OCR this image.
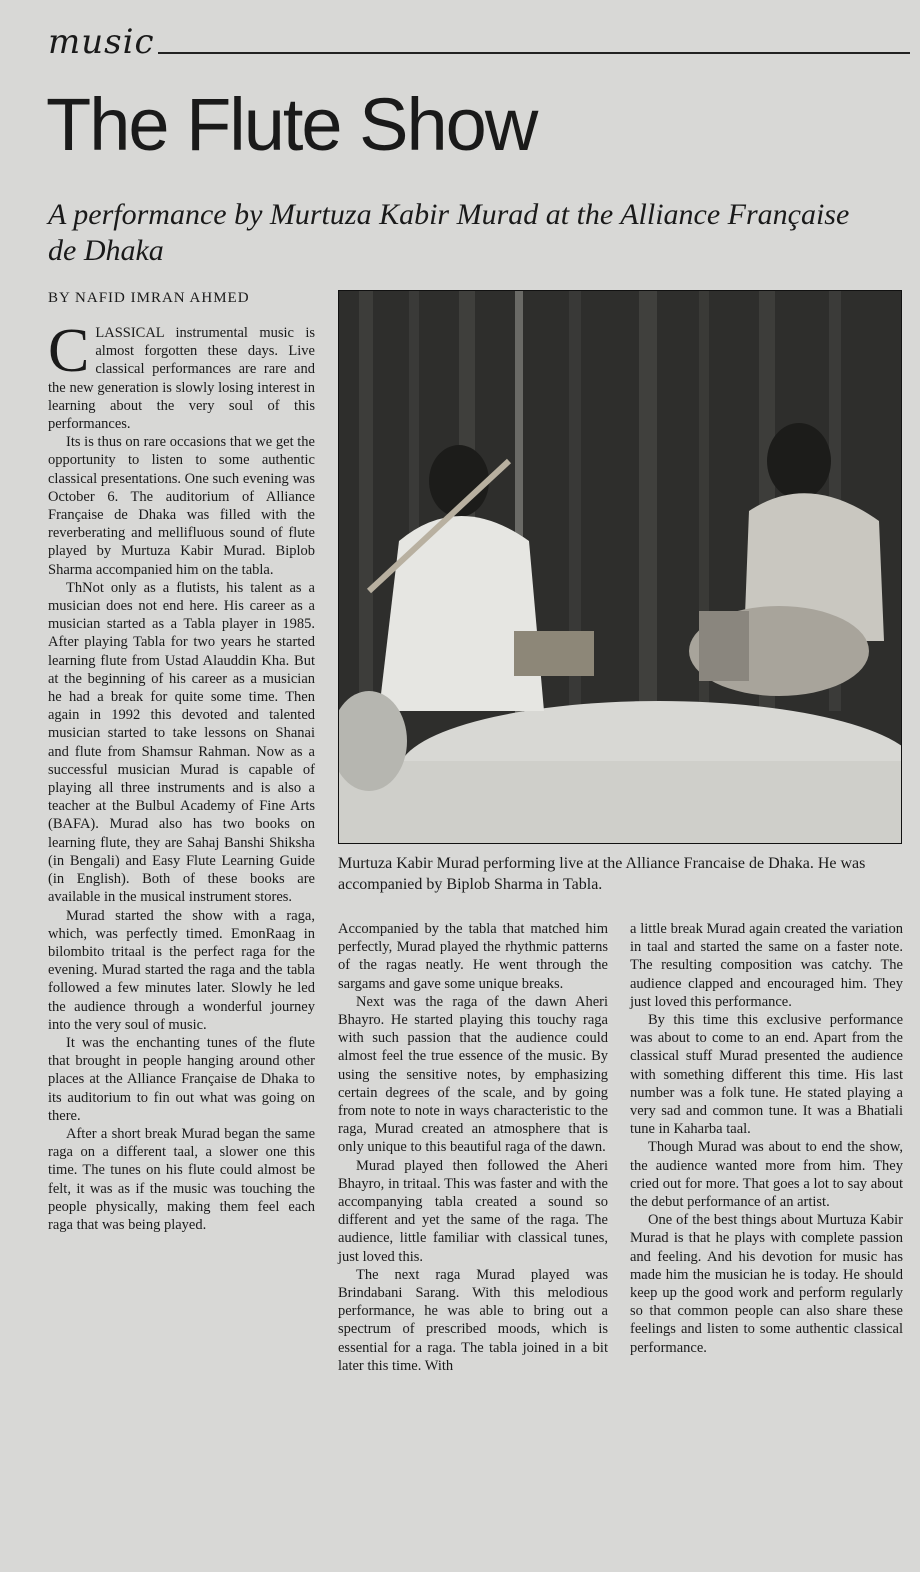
music
The Flute Show
A performance by Murtuza Kabir Murad at the Alliance Française de Dhaka
BY NAFID IMRAN AHMED

CLASSICAL instrumental music is almost forgotten these days. Live classical performances are rare and the new generation is slowly losing interest in learning about the very soul of this performances.

Its is thus on rare occasions that we get the opportunity to listen to some authentic classical presentations. One such evening was October 6. The auditorium of Alliance Française de Dhaka was filled with the reverberating and mellifluous sound of flute played by Murtuza Kabir Murad. Biplob Sharma accompanied him on the tabla.

ThNot only as a flutists, his talent as a musician does not end here. His career as a musician started as a Tabla player in 1985. After playing Tabla for two years he started learning flute from Ustad Alauddin Kha. But at the beginning of his career as a musician he had a break for quite some time. Then again in 1992 this devoted and talented musician started to take lessons on Shanai and flute from Shamsur Rahman. Now as a successful musician Murad is capable of playing all three instruments and is also a teacher at the Bulbul Academy of Fine Arts (BAFA). Murad also has two books on learning flute, they are Sahaj Banshi Shiksha (in Bengali) and Easy Flute Learning Guide (in English). Both of these books are available in the musical instrument stores.

Murad started the show with a raga, which, was perfectly timed. EmonRaag in bilombito tritaal is the perfect raga for the evening. Murad started the raga and the tabla followed a few minutes later. Slowly he led the audience through a wonderful journey into the very soul of music.

It was the enchanting tunes of the flute that brought in people hanging around other places at the Alliance Française de Dhaka to its auditorium to fin out what was going on there.

After a short break Murad began the same raga on a different taal, a slower one this time. The tunes on his flute could almost be felt, it was as if the music was touching the people physically, making them feel each raga that was being played.

Murtuza Kabir Murad performing live at the Alliance Francaise de Dhaka. He was accompanied by Biplob Sharma in Tabla.

Accompanied by the tabla that matched him perfectly, Murad played the rhythmic patterns of the ragas neatly. He went through the sargams and gave some unique breaks.

Next was the raga of the dawn Aheri Bhayro. He started playing this touchy raga with such passion that the audience could almost feel the true essence of the music. By using the sensitive notes, by emphasizing certain degrees of the scale, and by going from note to note in ways characteristic to the raga, Murad created an atmosphere that is only unique to this beautiful raga of the dawn.

Murad played then followed the Aheri Bhayro, in tritaal. This was faster and with the accompanying tabla created a sound so different and yet the same of the raga. The audience, little familiar with classical tunes, just loved this.

The next raga Murad played was Brindabani Sarang. With this melodious performance, he was able to bring out a spectrum of prescribed moods, which is essential for a raga. The tabla joined in a bit later this time. With

a little break Murad again created the variation in taal and started the same on a faster note. The resulting composition was catchy. The audience clapped and encouraged him. They just loved this performance.

By this time this exclusive performance was about to come to an end. Apart from the classical stuff Murad presented the audience with something different this time. His last number was a folk tune. He stated playing a very sad and common tune. It was a Bhatiali tune in Kaharba taal.

Though Murad was about to end the show, the audience wanted more from him. They cried out for more. That goes a lot to say about the debut performance of an artist.

One of the best things about Murtuza Kabir Murad is that he plays with complete passion and feeling. And his devotion for music has made him the musician he is today. He should keep up the good work and perform regularly so that common people can also share these feelings and listen to some authentic classical performance.
